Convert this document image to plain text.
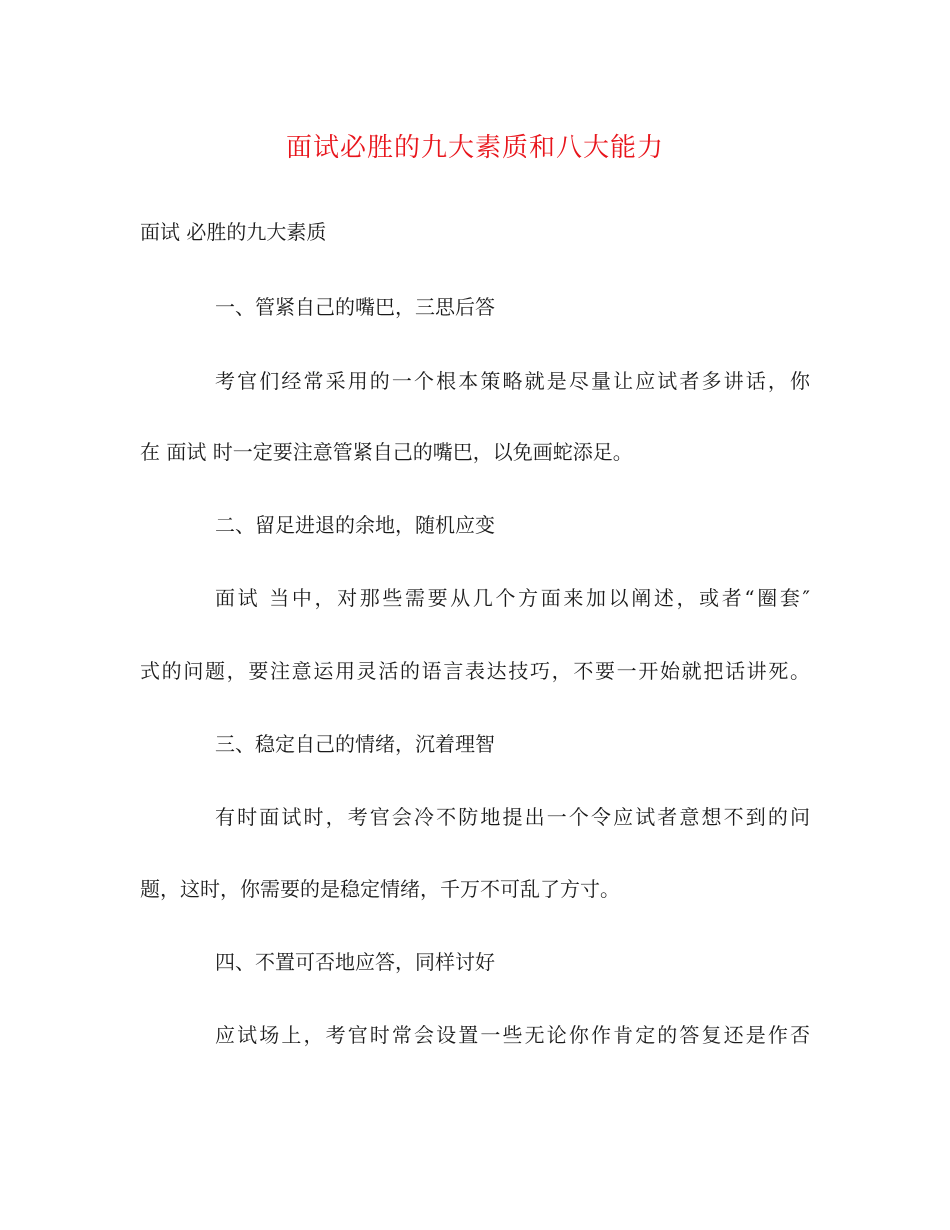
面试必胜的九大素质和八大能力

面试 必胜的九大素质

一、管紧自己的嘴巴，三思后答

考官们经常采用的一个根本策略就是尽量让应试者多讲话，你

在 面试 时一定要注意管紧自己的嘴巴，以免画蛇添足。

二、留足进退的余地，随机应变

面试 当中，对那些需要从几个方面来加以阐述，或者“圈套″

式的问题，要注意运用灵活的语言表达技巧，不要一开始就把话讲死。

三、稳定自己的情绪，沉着理智

有时面试时，考官会冷不防地提出一个令应试者意想不到的问

题，这时，你需要的是稳定情绪，千万不可乱了方寸。

四、不置可否地应答，同样讨好

应试场上，考官时常会设置一些无论你作肯定的答复还是作否
